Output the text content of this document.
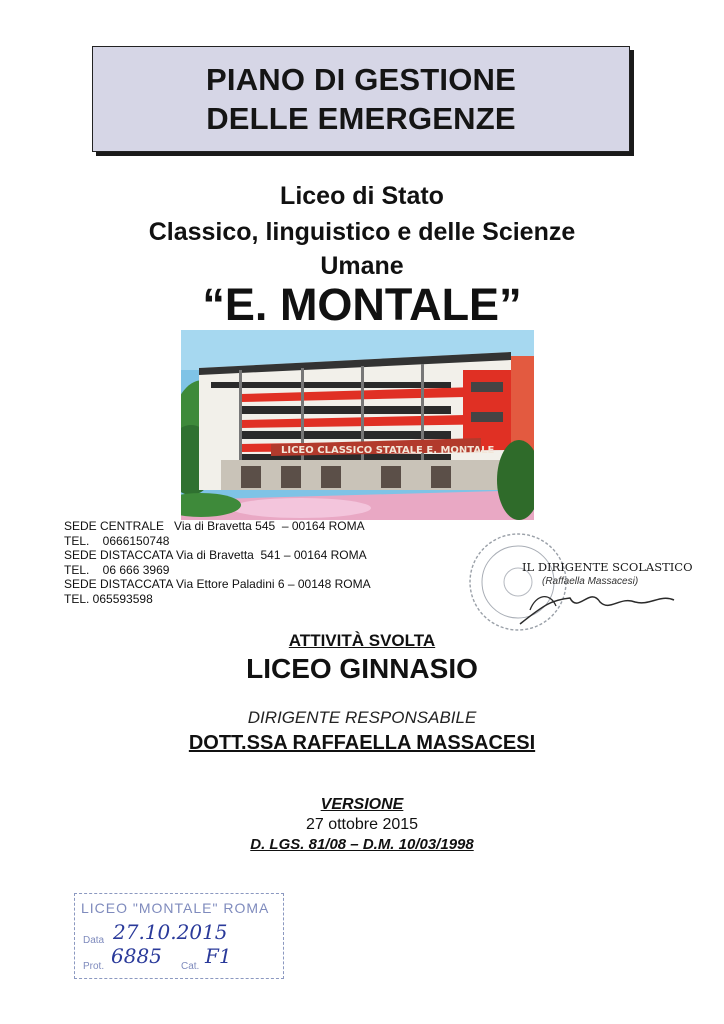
PIANO DI GESTIONE
DELLE EMERGENZE
Liceo di Stato
Classico, linguistico e delle Scienze
Umane
“E. MONTALE”
LICEO CLASSICO STATALE E. MONTALE
SEDE CENTRALE   Via di Bravetta 545  – 00164 ROMA
TEL.    0666150748
SEDE DISTACCATA Via di Bravetta  541 – 00164 ROMA
TEL.    06 666 3969
SEDE DISTACCATA Via Ettore Paladini 6 – 00148 ROMA
TEL. 065593598
IL DIRIGENTE SCOLASTICO
(Raffaella Massacesi)
ATTIVITÀ SVOLTA
LICEO GINNASIO
DIRIGENTE RESPONSABILE
DOTT.SSA RAFFAELLA MASSACESI
VERSIONE
27 ottobre 2015
D. LGS. 81/08 – D.M. 10/03/1998
LICEO "MONTALE" ROMA
Data 27.10.2015
Prot. 6885 Cat. F1
